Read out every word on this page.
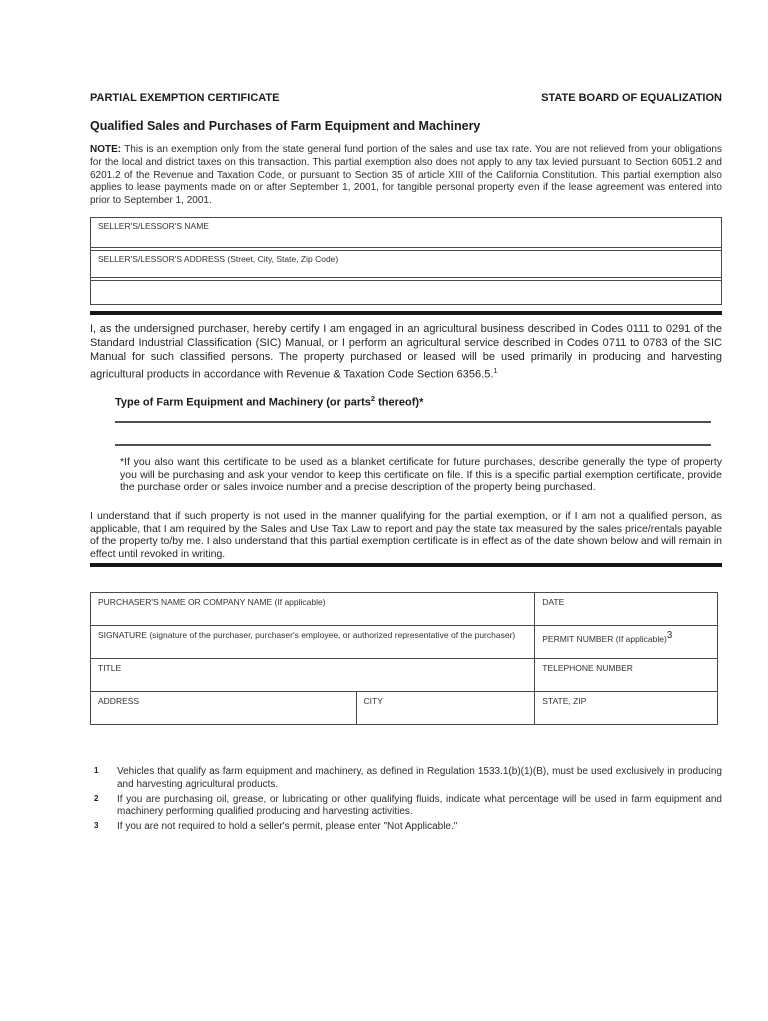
PARTIAL EXEMPTION CERTIFICATE	STATE BOARD OF EQUALIZATION
Qualified Sales and Purchases of Farm Equipment and Machinery

NOTE: This is an exemption only from the state general fund portion of the sales and use tax rate. You are not relieved from your obligations for the local and district taxes on this transaction. This partial exemption also does not apply to any tax levied pursuant to Section 6051.2 and 6201.2 of the Revenue and Taxation Code, or pursuant to Section 35 of article XIII of the California Constitution. This partial exemption also applies to lease payments made on or after September 1, 2001, for tangible personal property even if the lease agreement was entered into prior to September 1, 2001.

SELLER'S/LESSOR'S NAME
SELLER'S/LESSOR'S ADDRESS (Street, City, State, Zip Code)

I, as the undersigned purchaser, hereby certify I am engaged in an agricultural business described in Codes 0111 to 0291 of the Standard Industrial Classification (SIC) Manual, or I perform an agricultural service described in Codes 0711 to 0783 of the SIC Manual for such classified persons. The property purchased or leased will be used primarily in producing and harvesting agricultural products in accordance with Revenue & Taxation Code Section 6356.5.$^1$

Type of Farm Equipment and Machinery (or parts$^2$ thereof)*

*If you also want this certificate to be used as a blanket certificate for future purchases, describe generally the type of property you will be purchasing and ask your vendor to keep this certificate on file. If this is a specific partial exemption certificate, provide the purchase order or sales invoice number and a precise description of the property being purchased.

I understand that if such property is not used in the manner qualifying for the partial exemption, or if I am not a qualified person, as applicable, that I am required by the Sales and Use Tax Law to report and pay the state tax measured by the sales price/rentals payable of the property to/by me. I also understand that this partial exemption certificate is in effect as of the date shown below and will remain in effect until revoked in writing.

PURCHASER'S NAME OR COMPANY NAME (If applicable)		DATE
SIGNATURE (signature of the purchaser, purchaser's employee, or authorized representative of the purchaser)		PERMIT NUMBER (If applicable)$^3$
TITLE		TELEPHONE NUMBER
ADDRESS	CITY	STATE, ZIP
1	Vehicles that qualify as farm equipment and machinery, as defined in Regulation 1533.1(b)(1)(B), must be used exclusively in producing and harvesting agricultural products.
2	If you are purchasing oil, grease, or lubricating or other qualifying fluids, indicate what percentage will be used in farm equipment and machinery performing qualified producing and harvesting activities.
3	If you are not required to hold a seller's permit, please enter "Not Applicable."
